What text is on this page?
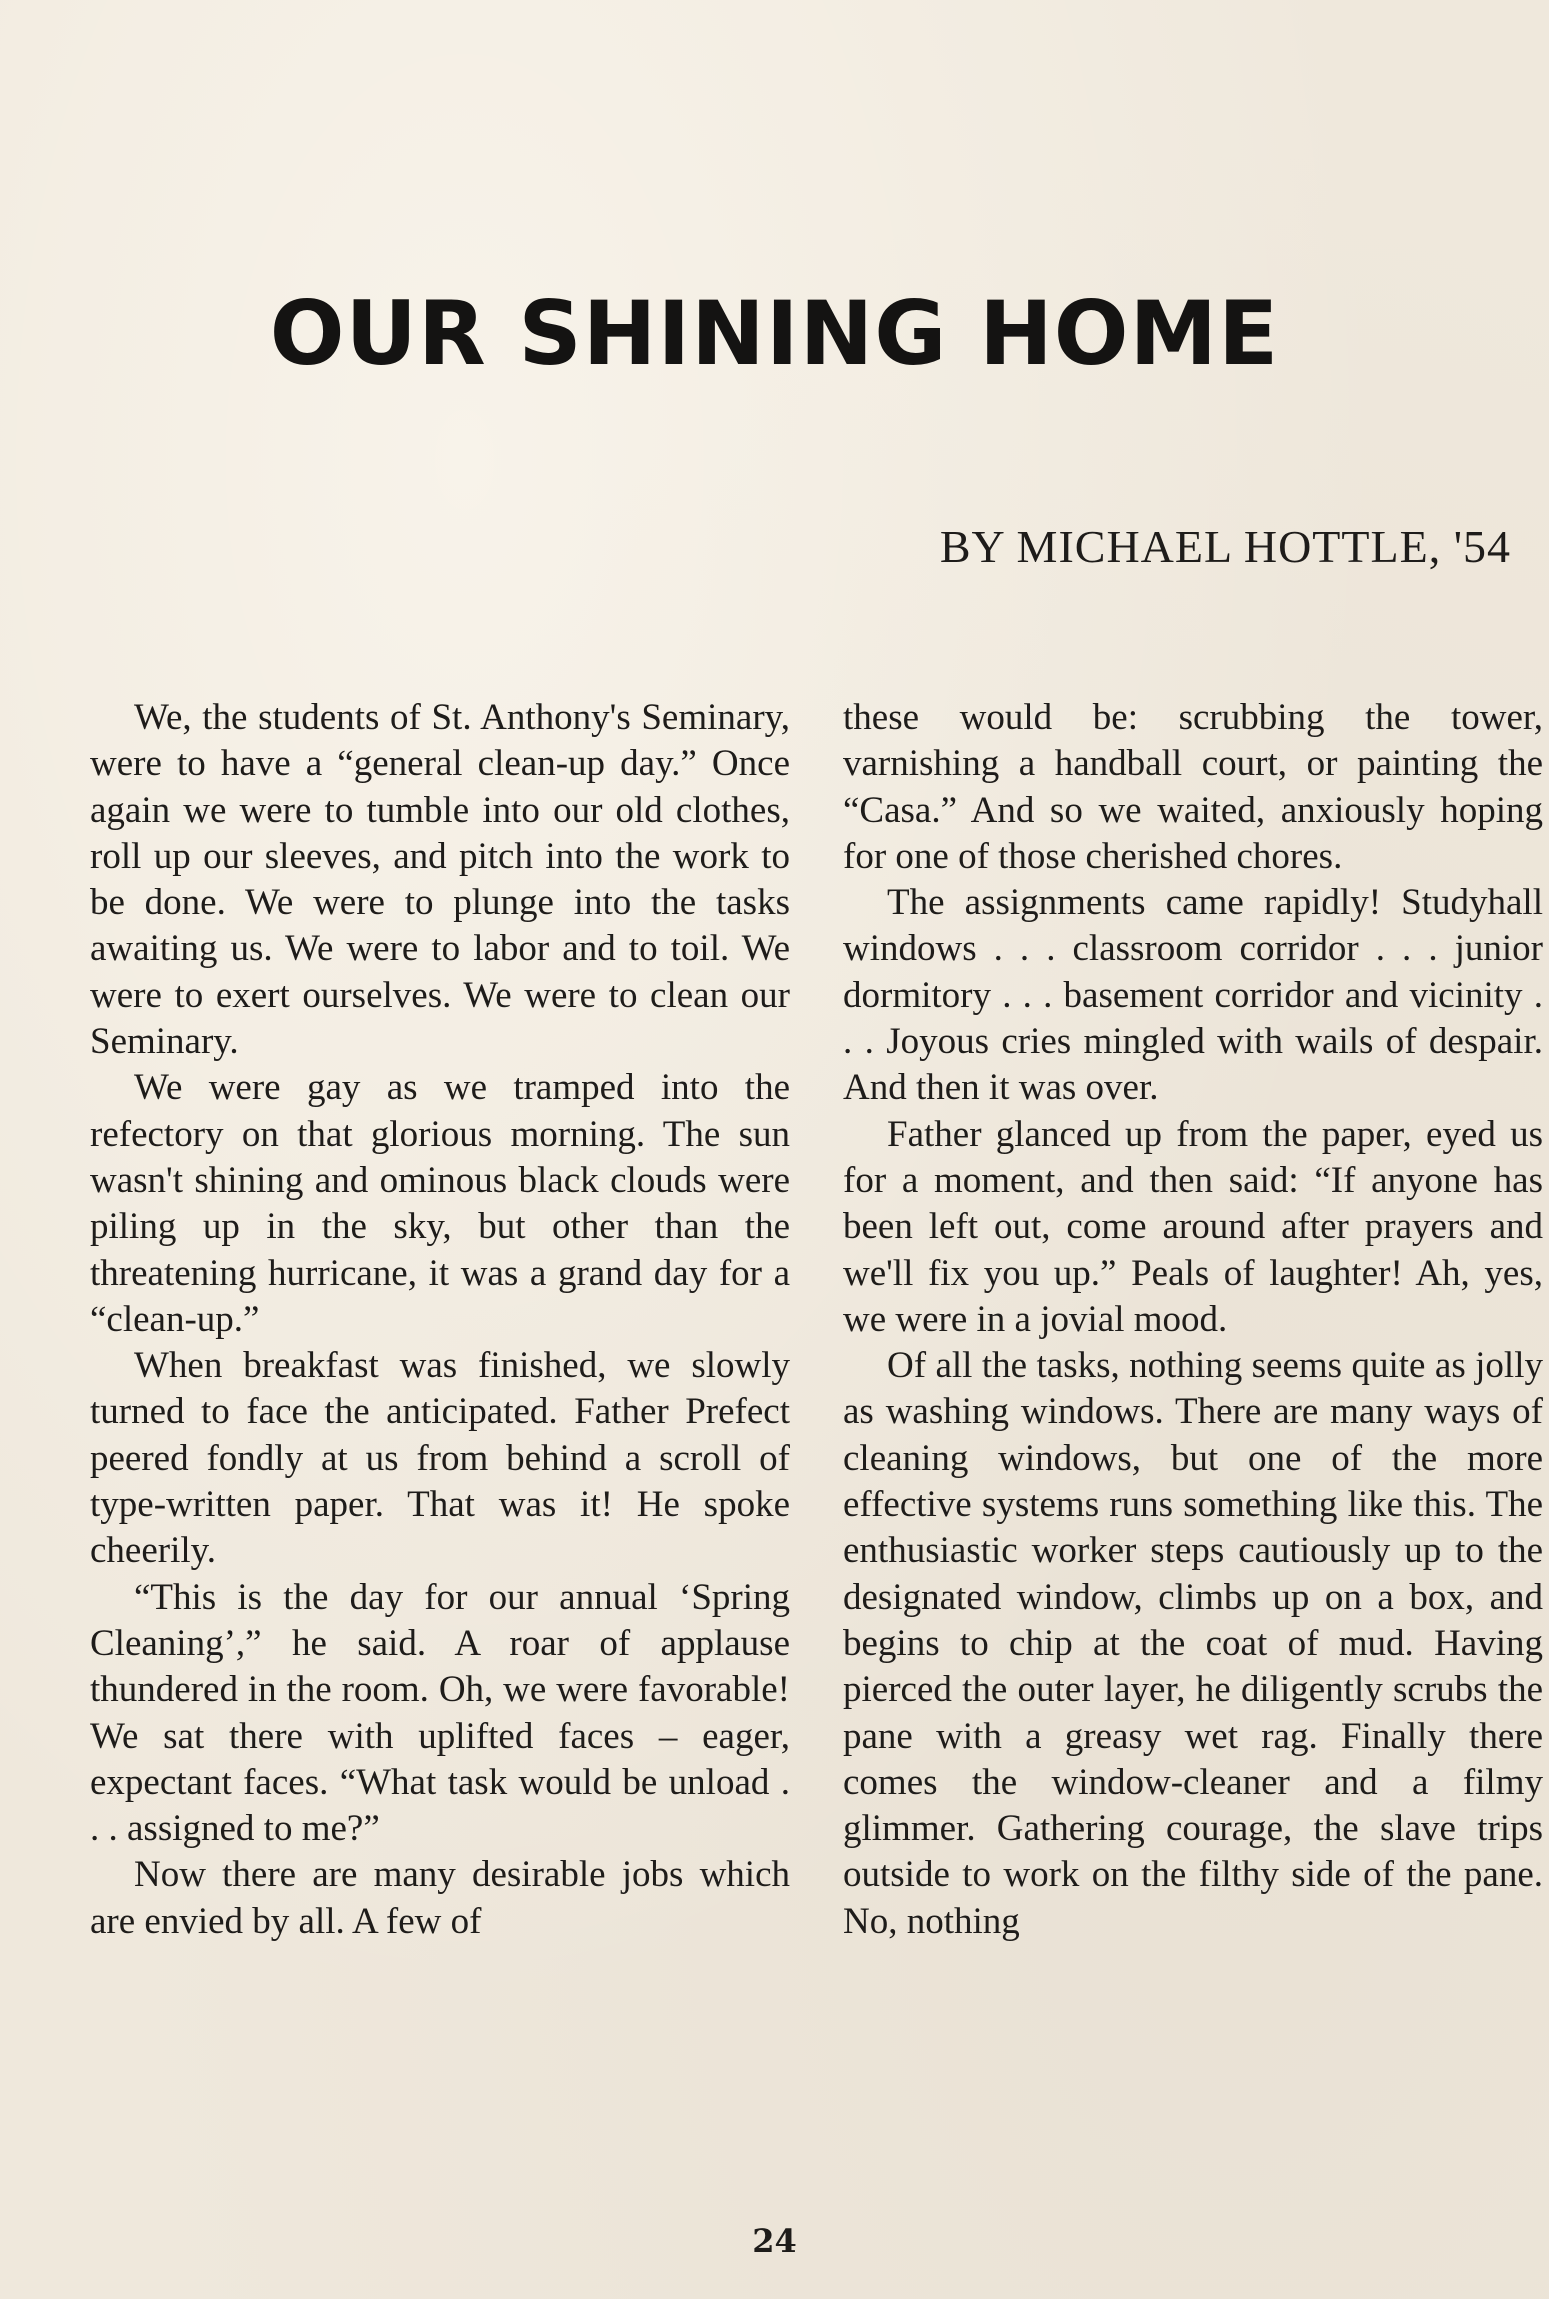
OUR SHINING HOME
BY MICHAEL HOTTLE, '54

We, the students of St. Anthony's Seminary, were to have a “general clean-up day.” Once again we were to tumble into our old clothes, roll up our sleeves, and pitch into the work to be done. We were to plunge into the tasks awaiting us. We were to labor and to toil. We were to exert ourselves. We were to clean our Seminary.

We were gay as we tramped into the refectory on that glorious morning. The sun wasn't shining and ominous black clouds were piling up in the sky, but other than the threatening hurricane, it was a grand day for a “clean-up.”

When breakfast was finished, we slowly turned to face the anticipated. Father Prefect peered fondly at us from behind a scroll of type-written paper. That was it! He spoke cheerily.

“This is the day for our annual ‘Spring Cleaning’,” he said. A roar of applause thundered in the room. Oh, we were favorable! We sat there with uplifted faces – eager, expectant faces. “What task would be unload . . . assigned to me?”

Now there are many desirable jobs which are envied by all. A few of

these would be: scrubbing the tower, varnishing a handball court, or painting the “Casa.” And so we waited, anxiously hoping for one of those cherished chores.

The assignments came rapidly! Studyhall windows . . . classroom corridor . . . junior dormitory . . . basement corridor and vicinity . . . Joyous cries mingled with wails of despair. And then it was over.

Father glanced up from the paper, eyed us for a moment, and then said: “If anyone has been left out, come around after prayers and we'll fix you up.” Peals of laughter! Ah, yes, we were in a jovial mood.

Of all the tasks, nothing seems quite as jolly as washing windows. There are many ways of cleaning windows, but one of the more effective systems runs something like this. The enthusiastic worker steps cautiously up to the designated window, climbs up on a box, and begins to chip at the coat of mud. Having pierced the outer layer, he diligently scrubs the pane with a greasy wet rag. Finally there comes the window-cleaner and a filmy glimmer. Gathering courage, the slave trips outside to work on the filthy side of the pane. No, nothing

24
